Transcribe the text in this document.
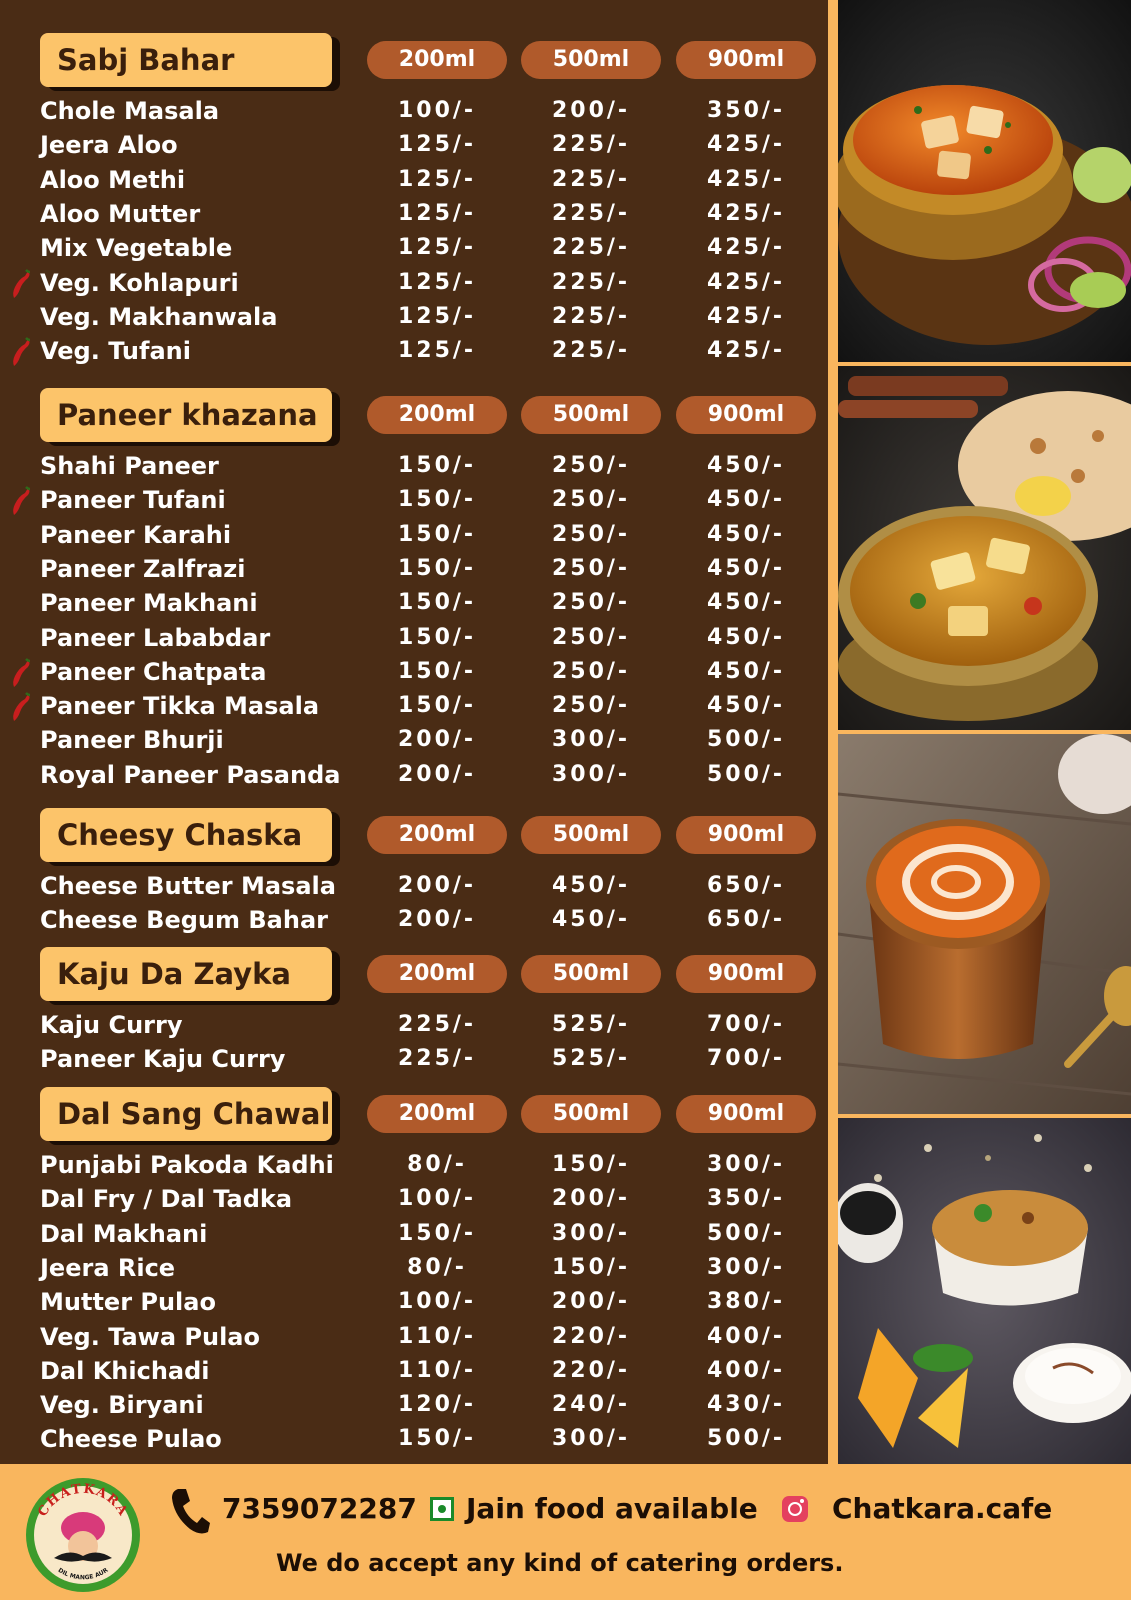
Sabj Bahar	200ml	500ml	900ml
Chole Masala	100/-	200/-	350/-
Jeera Aloo	125/-	225/-	425/-
Aloo Methi	125/-	225/-	425/-
Aloo Mutter	125/-	225/-	425/-
Mix Vegetable	125/-	225/-	425/-
Veg. Kohlapuri	125/-	225/-	425/-
Veg. Makhanwala	125/-	225/-	425/-
Veg. Tufani	125/-	225/-	425/-
Paneer khazana	200ml	500ml	900ml
Shahi Paneer	150/-	250/-	450/-
Paneer Tufani	150/-	250/-	450/-
Paneer Karahi	150/-	250/-	450/-
Paneer Zalfrazi	150/-	250/-	450/-
Paneer Makhani	150/-	250/-	450/-
Paneer Lababdar	150/-	250/-	450/-
Paneer Chatpata	150/-	250/-	450/-
Paneer Tikka Masala	150/-	250/-	450/-
Paneer Bhurji	200/-	300/-	500/-
Royal Paneer Pasanda	200/-	300/-	500/-
Cheesy Chaska	200ml	500ml	900ml
Cheese Butter Masala	200/-	450/-	650/-
Cheese Begum Bahar	200/-	450/-	650/-
Kaju Da Zayka	200ml	500ml	900ml
Kaju Curry	225/-	525/-	700/-
Paneer Kaju Curry	225/-	525/-	700/-
Dal Sang Chawal	200ml	500ml	900ml
Punjabi Pakoda Kadhi	80/-	150/-	300/-
Dal Fry / Dal Tadka	100/-	200/-	350/-
Dal Makhani	150/-	300/-	500/-
Jeera Rice	80/-	150/-	300/-
Mutter Pulao	100/-	200/-	380/-
Veg. Tawa Pulao	110/-	220/-	400/-
Dal Khichadi	110/-	220/-	400/-
Veg. Biryani	120/-	240/-	430/-
Cheese Pulao	150/-	300/-	500/-
CHATKARA
DIL MANGE AUR
7359072287 Jain food available	Chatkara.cafe
We do accept any kind of catering orders.
